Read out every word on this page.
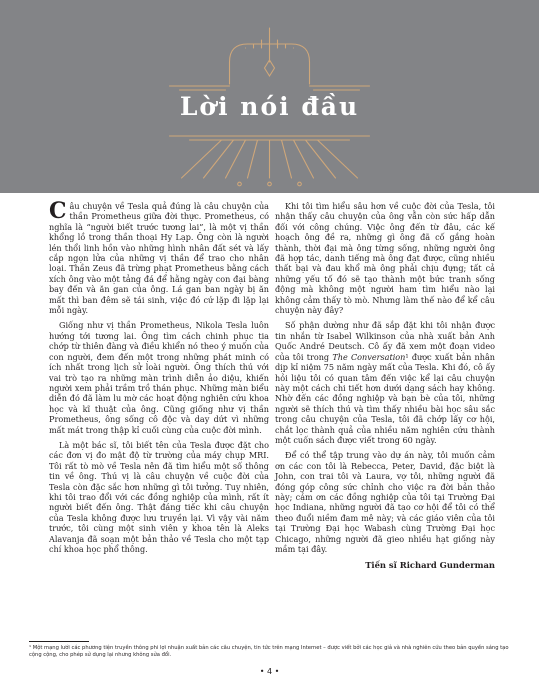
Lời nói đầu

Câu chuyện về Tesla quả đúng là câu chuyện của thần Prometheus giữa đời thực. Prometheus, có nghĩa là “người biết trước tương lai”, là một vị thần khổng lồ trong thần thoại Hy Lạp. Ông còn là người lén thổi linh hồn vào những hình nhân đất sét và lấy cắp ngọn lửa của những vị thần để trao cho nhân loại. Thần Zeus đã trừng phạt Prometheus bằng cách xích ông vào một tảng đá để hằng ngày con đại bàng bay đến và ăn gan của ông. Lá gan ban ngày bị ăn mất thì ban đêm sẽ tái sinh, việc đó cứ lặp đi lặp lại mỗi ngày.

Giống như vị thần Prometheus, Nikola Tesla luôn hướng tới tương lai. Ông tìm cách chinh phục tia chớp từ thiên đàng và điều khiển nó theo ý muốn của con người, đem đến một trong những phát minh có ích nhất trong lịch sử loài người. Ông thích thú với vai trò tạo ra những màn trình diễn ảo diệu, khiến người xem phải trầm trồ thán phục. Những màn biểu diễn đó đã làm lu mờ các hoạt động nghiên cứu khoa học và kĩ thuật của ông. Cũng giống như vị thần Prometheus, ông sống cô độc và day dứt vì những mất mát trong thập kỉ cuối cùng của cuộc đời mình.

Là một bác sĩ, tôi biết tên của Tesla được đặt cho các đơn vị đo mật độ từ trường của máy chụp MRI. Tôi rất tò mò về Tesla nên đã tìm hiểu một số thông tin về ông. Thú vị là câu chuyện về cuộc đời của Tesla còn đặc sắc hơn những gì tôi tưởng. Tuy nhiên, khi tôi trao đổi với các đồng nghiệp của mình, rất ít người biết đến ông. Thật đáng tiếc khi câu chuyện của Tesla không được lưu truyền lại. Vì vậy vài năm trước, tôi cùng một sinh viên y khoa tên là Aleks Alavanja đã soạn một bản thảo về Tesla cho một tạp chí khoa học phổ thông.

Khi tôi tìm hiểu sâu hơn về cuộc đời của Tesla, tôi nhận thấy câu chuyện của ông vẫn còn sức hấp dẫn đối với công chúng. Việc ông đến từ đâu, các kế hoạch ông đề ra, những gì ông đã cố gắng hoàn thành, thời đại mà ông từng sống, những người ông đã hợp tác, danh tiếng mà ông đạt được, cũng nhiều thất bại và đau khổ mà ông phải chịu đựng; tất cả những yếu tố đó sẽ tạo thành một bức tranh sống động mà không một người ham tìm hiểu nào lại không cảm thấy tò mò. Nhưng làm thế nào để kể câu chuyện này đây?

Số phận dường như đã sắp đặt khi tôi nhận được tin nhắn từ Isabel Wilkinson của nhà xuất bản Anh Quốc André Deutsch. Cô ấy đã xem một đoạn video của tôi trong The Conversation¹ được xuất bản nhân dịp kỉ niệm 75 năm ngày mất của Tesla. Khi đó, cô ấy hỏi liệu tôi có quan tâm đến việc kể lại câu chuyện này một cách chi tiết hơn dưới dạng sách hay không. Nhờ đến các đồng nghiệp và bạn bè của tôi, những người sẽ thích thú và tìm thấy nhiều bài học sâu sắc trong câu chuyện của Tesla, tôi đã chớp lấy cơ hội, chắt lọc thành quả của nhiều năm nghiên cứu thành một cuốn sách được viết trong 60 ngày.

Để có thể tập trung vào dự án này, tôi muốn cảm ơn các con tôi là Rebecca, Peter, David, đặc biệt là John, con trai tôi và Laura, vợ tôi, những người đã đóng góp công sức chỉnh cho việc ra đời bản thảo này; cảm ơn các đồng nghiệp của tôi tại Trường Đại học Indiana, những người đã tạo cơ hội để tôi có thể theo đuổi niềm đam mê này; và các giáo viên của tôi tại Trường Đại học Wabash cùng Trường Đại học Chicago, những người đã gieo nhiều hạt giống này mầm tại đây.

Tiến sĩ Richard Gunderman
¹ Một mạng lưới các phương tiện truyền thông phi lợi nhuận xuất bản các câu chuyện, tin tức trên mạng Internet – được viết bởi các học giả và nhà nghiên cứu theo bản quyền sáng tạo cộng cộng, cho phép sử dụng lại nhưng không sửa đổi.
• 4 •
